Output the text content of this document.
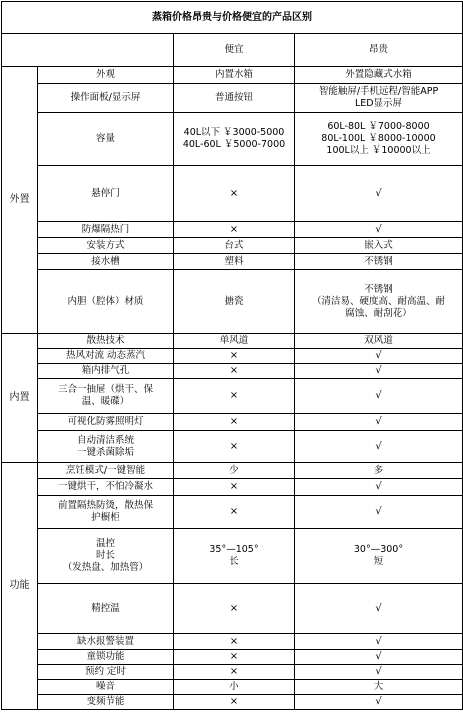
蒸箱价格昂贵与价格便宜的产品区别			
		便宜	昂贵
外置	外观	内置水箱	外置隐藏式水箱
	操作面板/显示屏	普通按钮	智能触屏/手机远程/智能APP
LED显示屏
	容量	40L以下 ￥3000-5000
40L-60L ￥5000-7000	60L-80L ￥7000-8000
80L-100L ￥8000-10000
100L以上 ￥10000以上
	悬停门	×	√
	防爆隔热门	×	√
	安装方式	台式	嵌入式
	接水槽	塑料	不锈钢
	内胆（腔体）材质	搪瓷	不锈钢
（清洁易、硬度高、耐高温、耐
腐蚀、耐刮花）
内置	散热技术	单风道	双风道
	热风对流 动态蒸汽	×	√
	箱内排气孔	×	√
	三合一抽屉（烘干、保
温、暖碟）	×	√
	可视化防雾照明灯	×	√
	自动清洁系统
一键杀菌除垢	×	√
功能	烹饪模式/一键智能	少	多
	一键烘干，不怕冷凝水	×	√
	前置隔热防烫，散热保
护橱柜	×	√
	温控
时长
（发热盘、加热管）	35°—105°
长	30°—300°
短
	精控温	×	√
	缺水报警装置	×	√
	童锁功能	×	√
	预约 定时	×	√
	噪音	小	大
	变频节能	×	√
